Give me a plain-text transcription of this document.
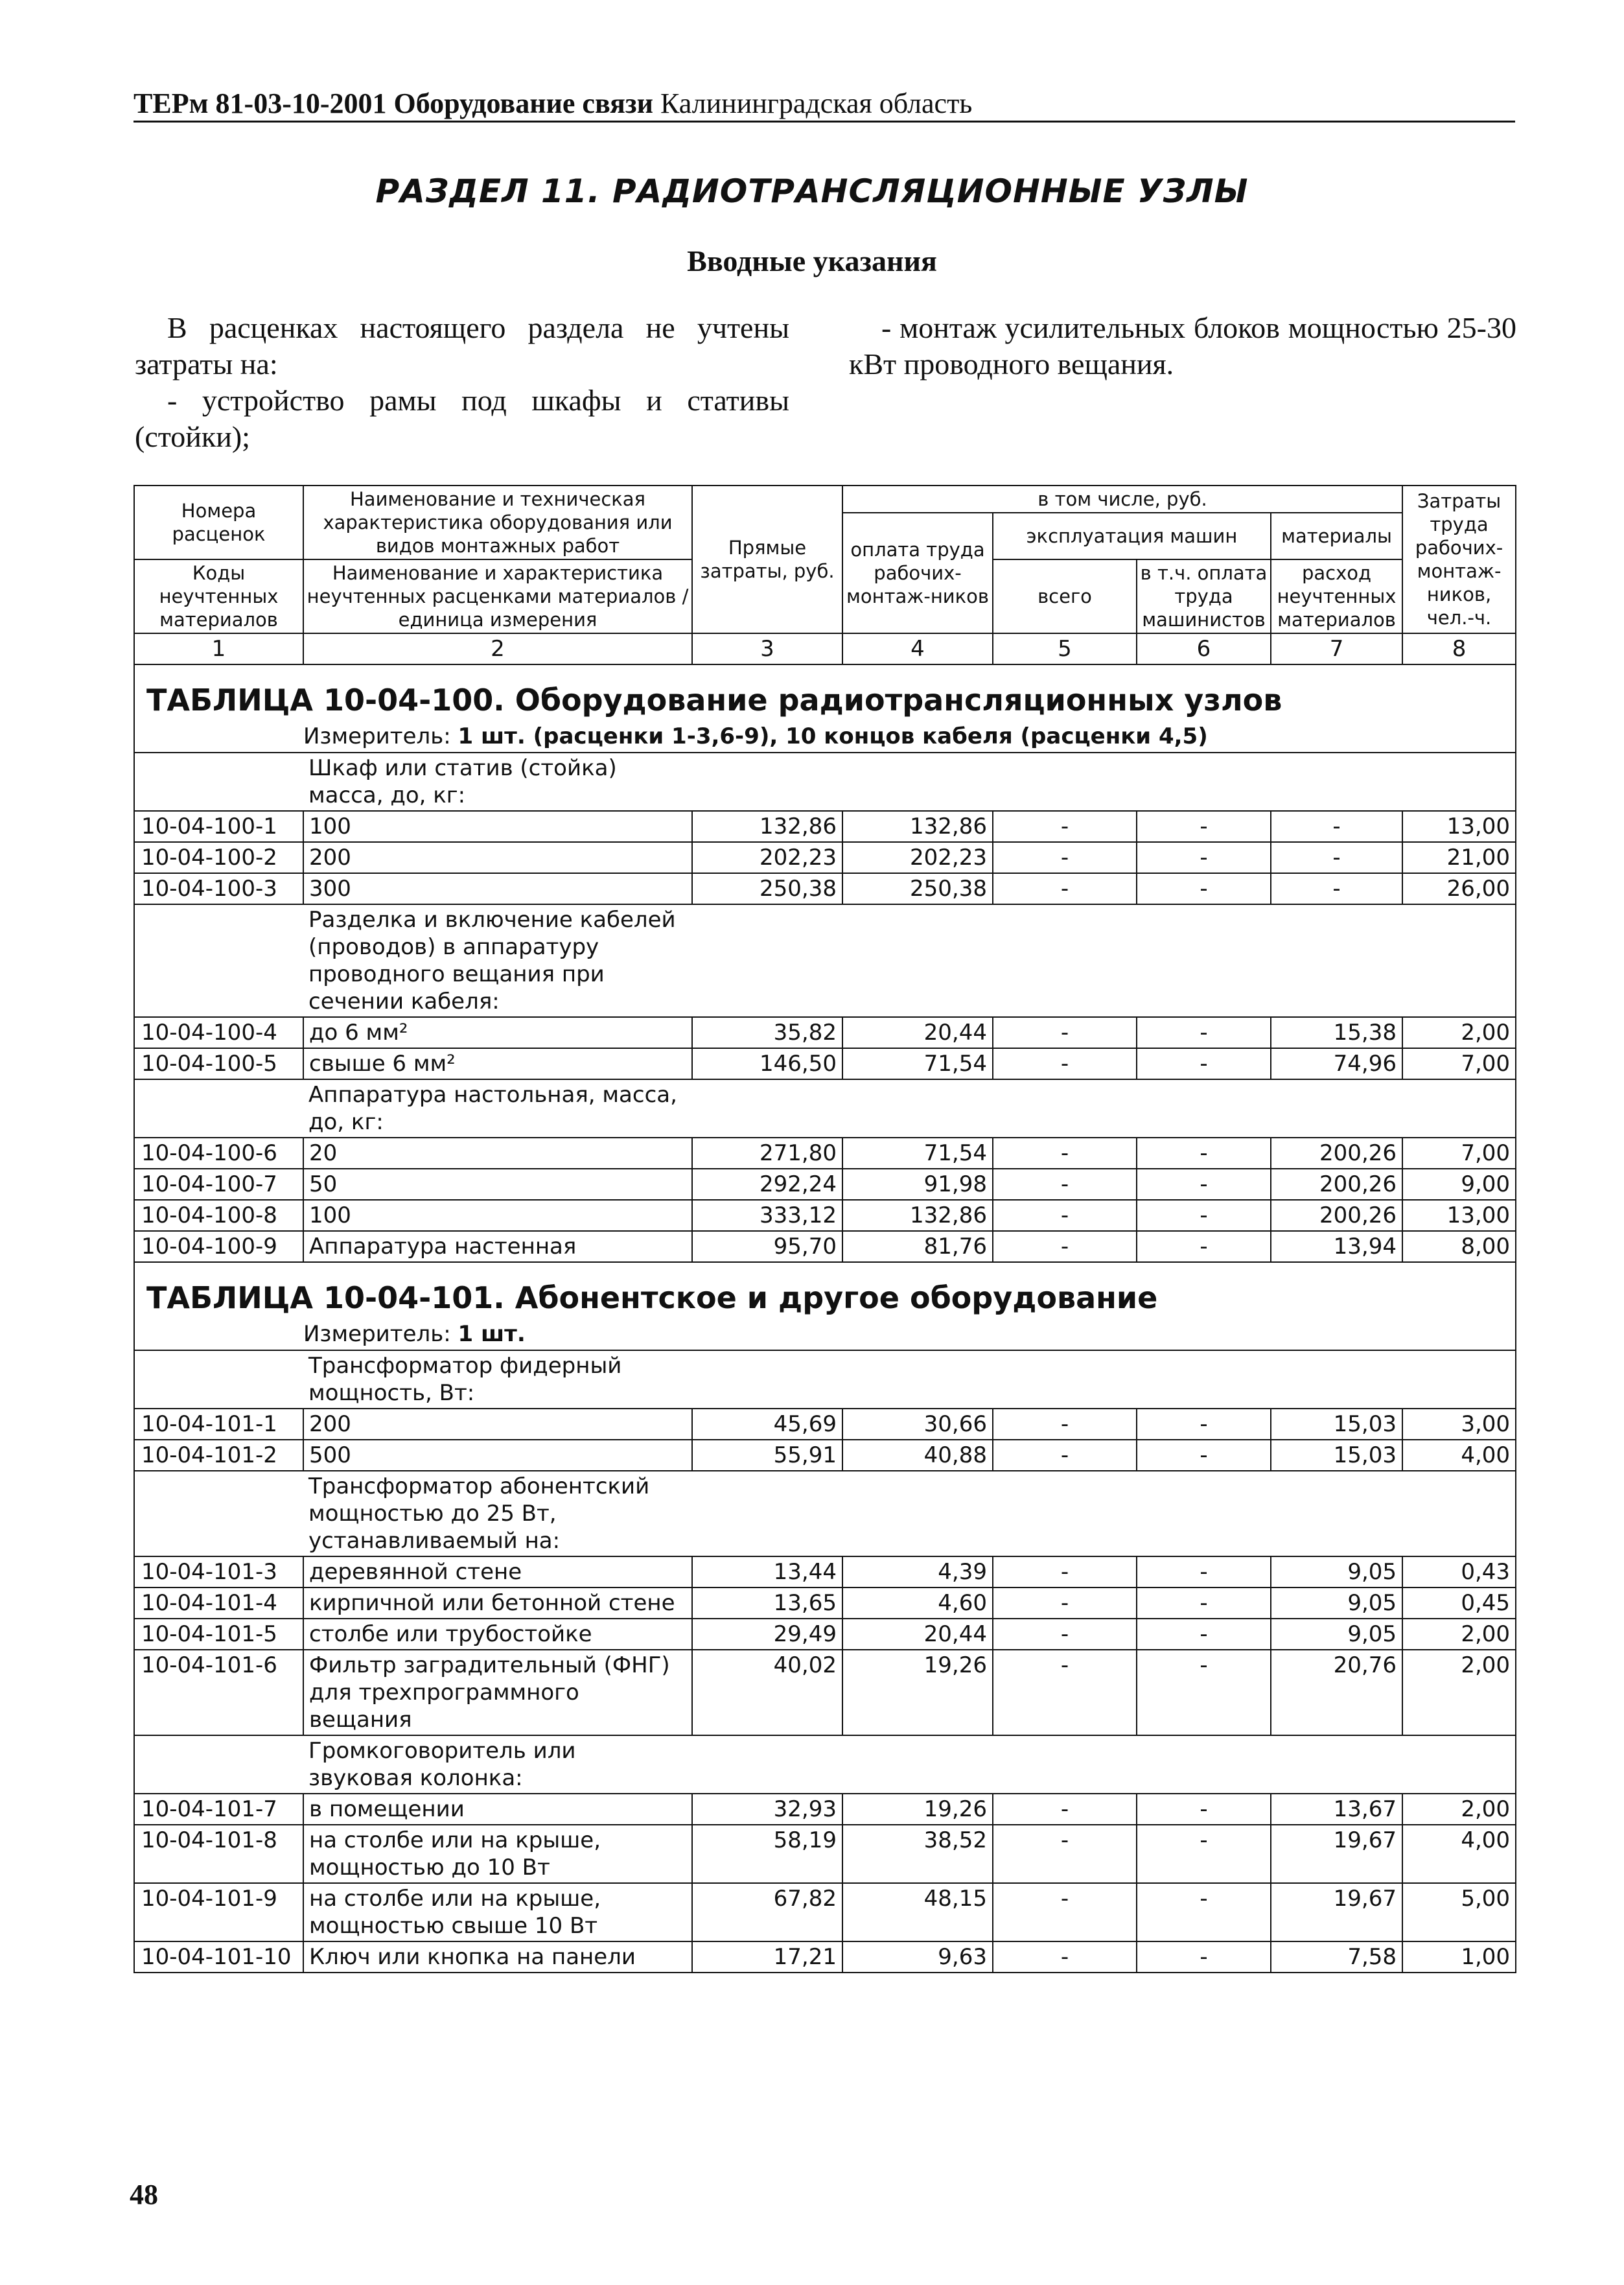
ТЕРм 81-03-10-2001 Оборудование связи Калининградская область
РАЗДЕЛ 11. РАДИОТРАНСЛЯЦИОННЫЕ УЗЛЫ
Вводные указания

В расценках настоящего раздела не учтены затраты на:

- устройство рамы под шкафы и стативы (стойки);

- монтаж усилительных блоков мощностью 25-30 кВт проводного вещания.

Номера расценок	Наименование и техническая характеристика оборудования или видов монтажных работ	Прямые затраты, руб.	в том числе, руб.				Затраты труда рабочих-монтаж-ников, чел.-ч.
			оплата труда рабочих-монтаж-ников	эксплуатация машин		материалы	
Коды неучтенных материалов	Наименование и характеристика неучтенных расценками материалов / единица измерения			всего	в т.ч. оплата труда машинистов	расход неучтенных материалов	

1	2	3	4	5	6	7	8
ТАБЛИЦА 10-04-100. Оборудование радиотрансляционных узлов							
Измеритель: 1 шт. (расценки 1-3,6-9), 10 концов кабеля (расценки 4,5)							
	Шкаф или статив (стойка) масса, до, кг:						
10-04-100-1	100	132,86	132,86	-	-	-	13,00
10-04-100-2	200	202,23	202,23	-	-	-	21,00
10-04-100-3	300	250,38	250,38	-	-	-	26,00
	Разделка и включение кабелей (проводов) в аппаратуру проводного вещания при сечении кабеля:						
10-04-100-4	до 6 мм²	35,82	20,44	-	-	15,38	2,00
10-04-100-5	свыше 6 мм²	146,50	71,54	-	-	74,96	7,00
	Аппаратура настольная, масса, до, кг:						
10-04-100-6	20	271,80	71,54	-	-	200,26	7,00
10-04-100-7	50	292,24	91,98	-	-	200,26	9,00
10-04-100-8	100	333,12	132,86	-	-	200,26	13,00
10-04-100-9	Аппаратура настенная	95,70	81,76	-	-	13,94	8,00
ТАБЛИЦА 10-04-101. Абонентское и другое оборудование							
Измеритель: 1 шт.							
	Трансформатор фидерный мощность, Вт:						
10-04-101-1	200	45,69	30,66	-	-	15,03	3,00
10-04-101-2	500	55,91	40,88	-	-	15,03	4,00
	Трансформатор абонентский мощностью до 25 Вт, устанавливаемый на:						
10-04-101-3	деревянной стене	13,44	4,39	-	-	9,05	0,43
10-04-101-4	кирпичной или бетонной стене	13,65	4,60	-	-	9,05	0,45
10-04-101-5	столбе или трубостойке	29,49	20,44	-	-	9,05	2,00
10-04-101-6	Фильтр заградительный (ФНГ) для трехпрограммного вещания	40,02	19,26	-	-	20,76	2,00
	Громкоговоритель или звуковая колонка:						
10-04-101-7	в помещении	32,93	19,26	-	-	13,67	2,00
10-04-101-8	на столбе или на крыше, мощностью до 10 Вт	58,19	38,52	-	-	19,67	4,00
10-04-101-9	на столбе или на крыше, мощностью свыше 10 Вт	67,82	48,15	-	-	19,67	5,00
10-04-101-10	Ключ или кнопка на панели	17,21	9,63	-	-	7,58	1,00
48
